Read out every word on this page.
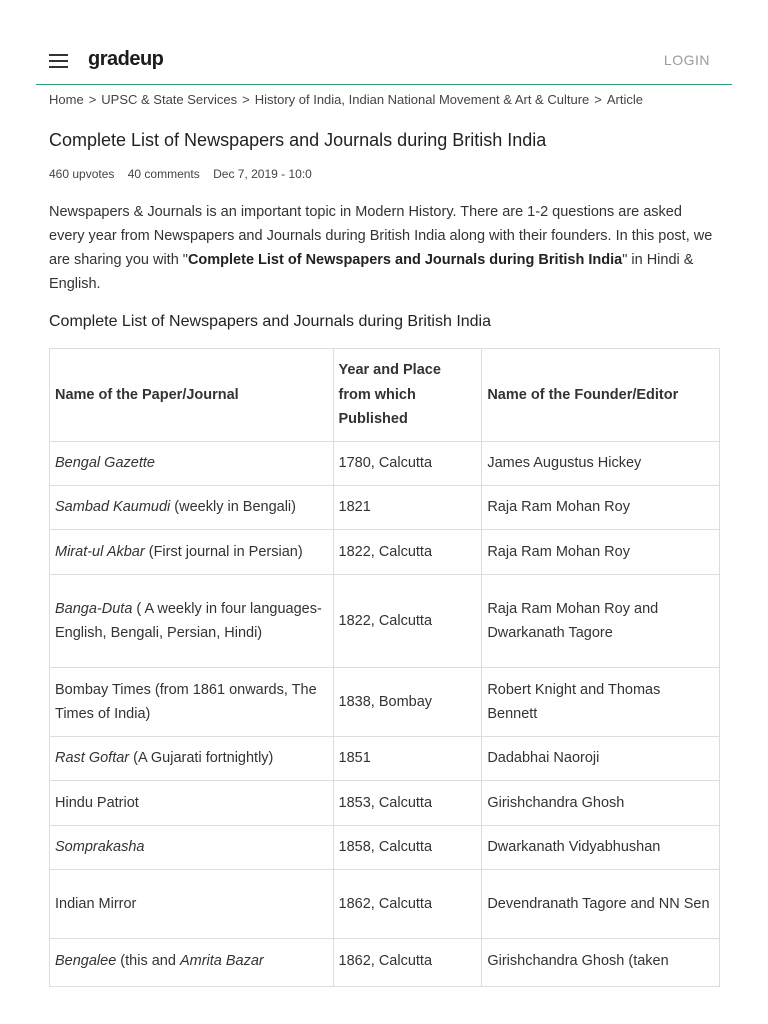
gradeup	LOGIN
Home > UPSC & State Services > History of India, Indian National Movement & Art & Culture > Article
Complete List of Newspapers and Journals during British India
460 upvotes 40 comments Dec 7, 2019 - 10:0

Newspapers & Journals is an important topic in Modern History. There are 1-2 questions are asked every year from Newspapers and Journals during British India along with their founders. In this post, we are sharing you with "Complete List of Newspapers and Journals during British India" in Hindi & English.

Complete List of Newspapers and Journals during British India
Name of the Paper/Journal	Year and Place from which Published	Name of the Founder/Editor
Bengal Gazette	1780, Calcutta	James Augustus Hickey
Sambad Kaumudi (weekly in Bengali)	1821	Raja Ram Mohan Roy
Mirat-ul Akbar (First journal in Persian)	1822, Calcutta	Raja Ram Mohan Roy
Banga-Duta ( A weekly in four languages- English, Bengali, Persian, Hindi)	1822, Calcutta	Raja Ram Mohan Roy and Dwarkanath Tagore
Bombay Times (from 1861 onwards, The Times of India)	1838, Bombay	Robert Knight and Thomas Bennett
Rast Goftar (A Gujarati fortnightly)	1851	Dadabhai Naoroji
Hindu Patriot	1853, Calcutta	Girishchandra Ghosh
Somprakasha	1858, Calcutta	Dwarkanath Vidyabhushan
Indian Mirror	1862, Calcutta	Devendranath Tagore and NN Sen
Bengalee (this and Amrita Bazar	1862, Calcutta	Girishchandra Ghosh (taken
